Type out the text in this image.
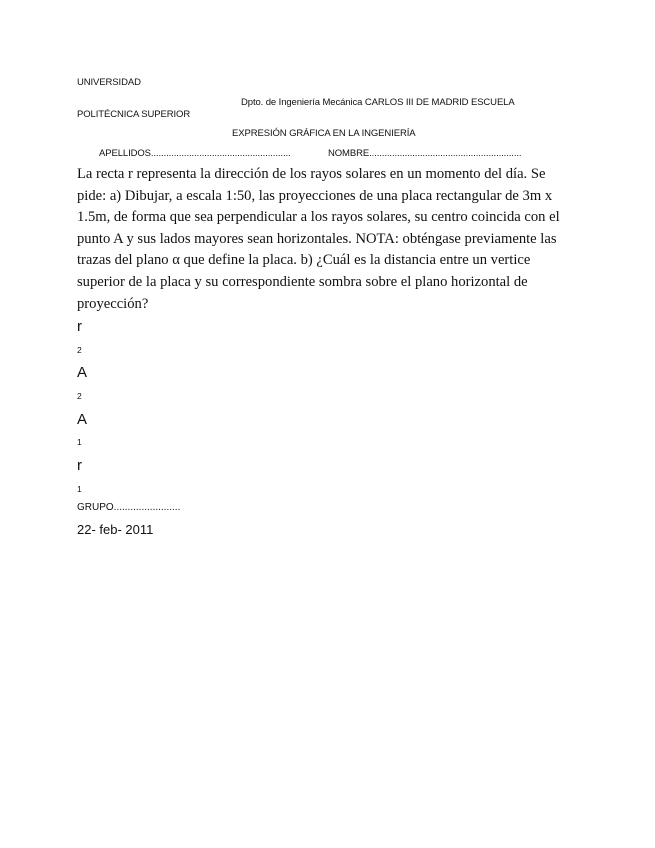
UNIVERSIDAD
Dpto. de Ingeniería Mecánica CARLOS III DE MADRID ESCUELA
POLITÉCNICA SUPERIOR
EXPRESIÓN GRÁFICA EN LA INGENIERÍA
APELLIDOS.......................................................	NOMBRE............................................................

La recta r representa la dirección de los rayos solares en un momento del día. Se

pide: a) Dibujar, a escala 1:50, las proyecciones de una placa rectangular de 3m x

1.5m, de forma que sea perpendicular a los rayos solares, su centro coincida con el

punto A y sus lados mayores sean horizontales. NOTA: obténgase previamente las

trazas del plano α que define la placa. b) ¿Cuál es la distancia entre un vertice

superior de la placa y su correspondiente sombra sobre el plano horizontal de

proyección?

r
2
A
2
A
1
r
1
GRUPO........................
22- feb- 2011
